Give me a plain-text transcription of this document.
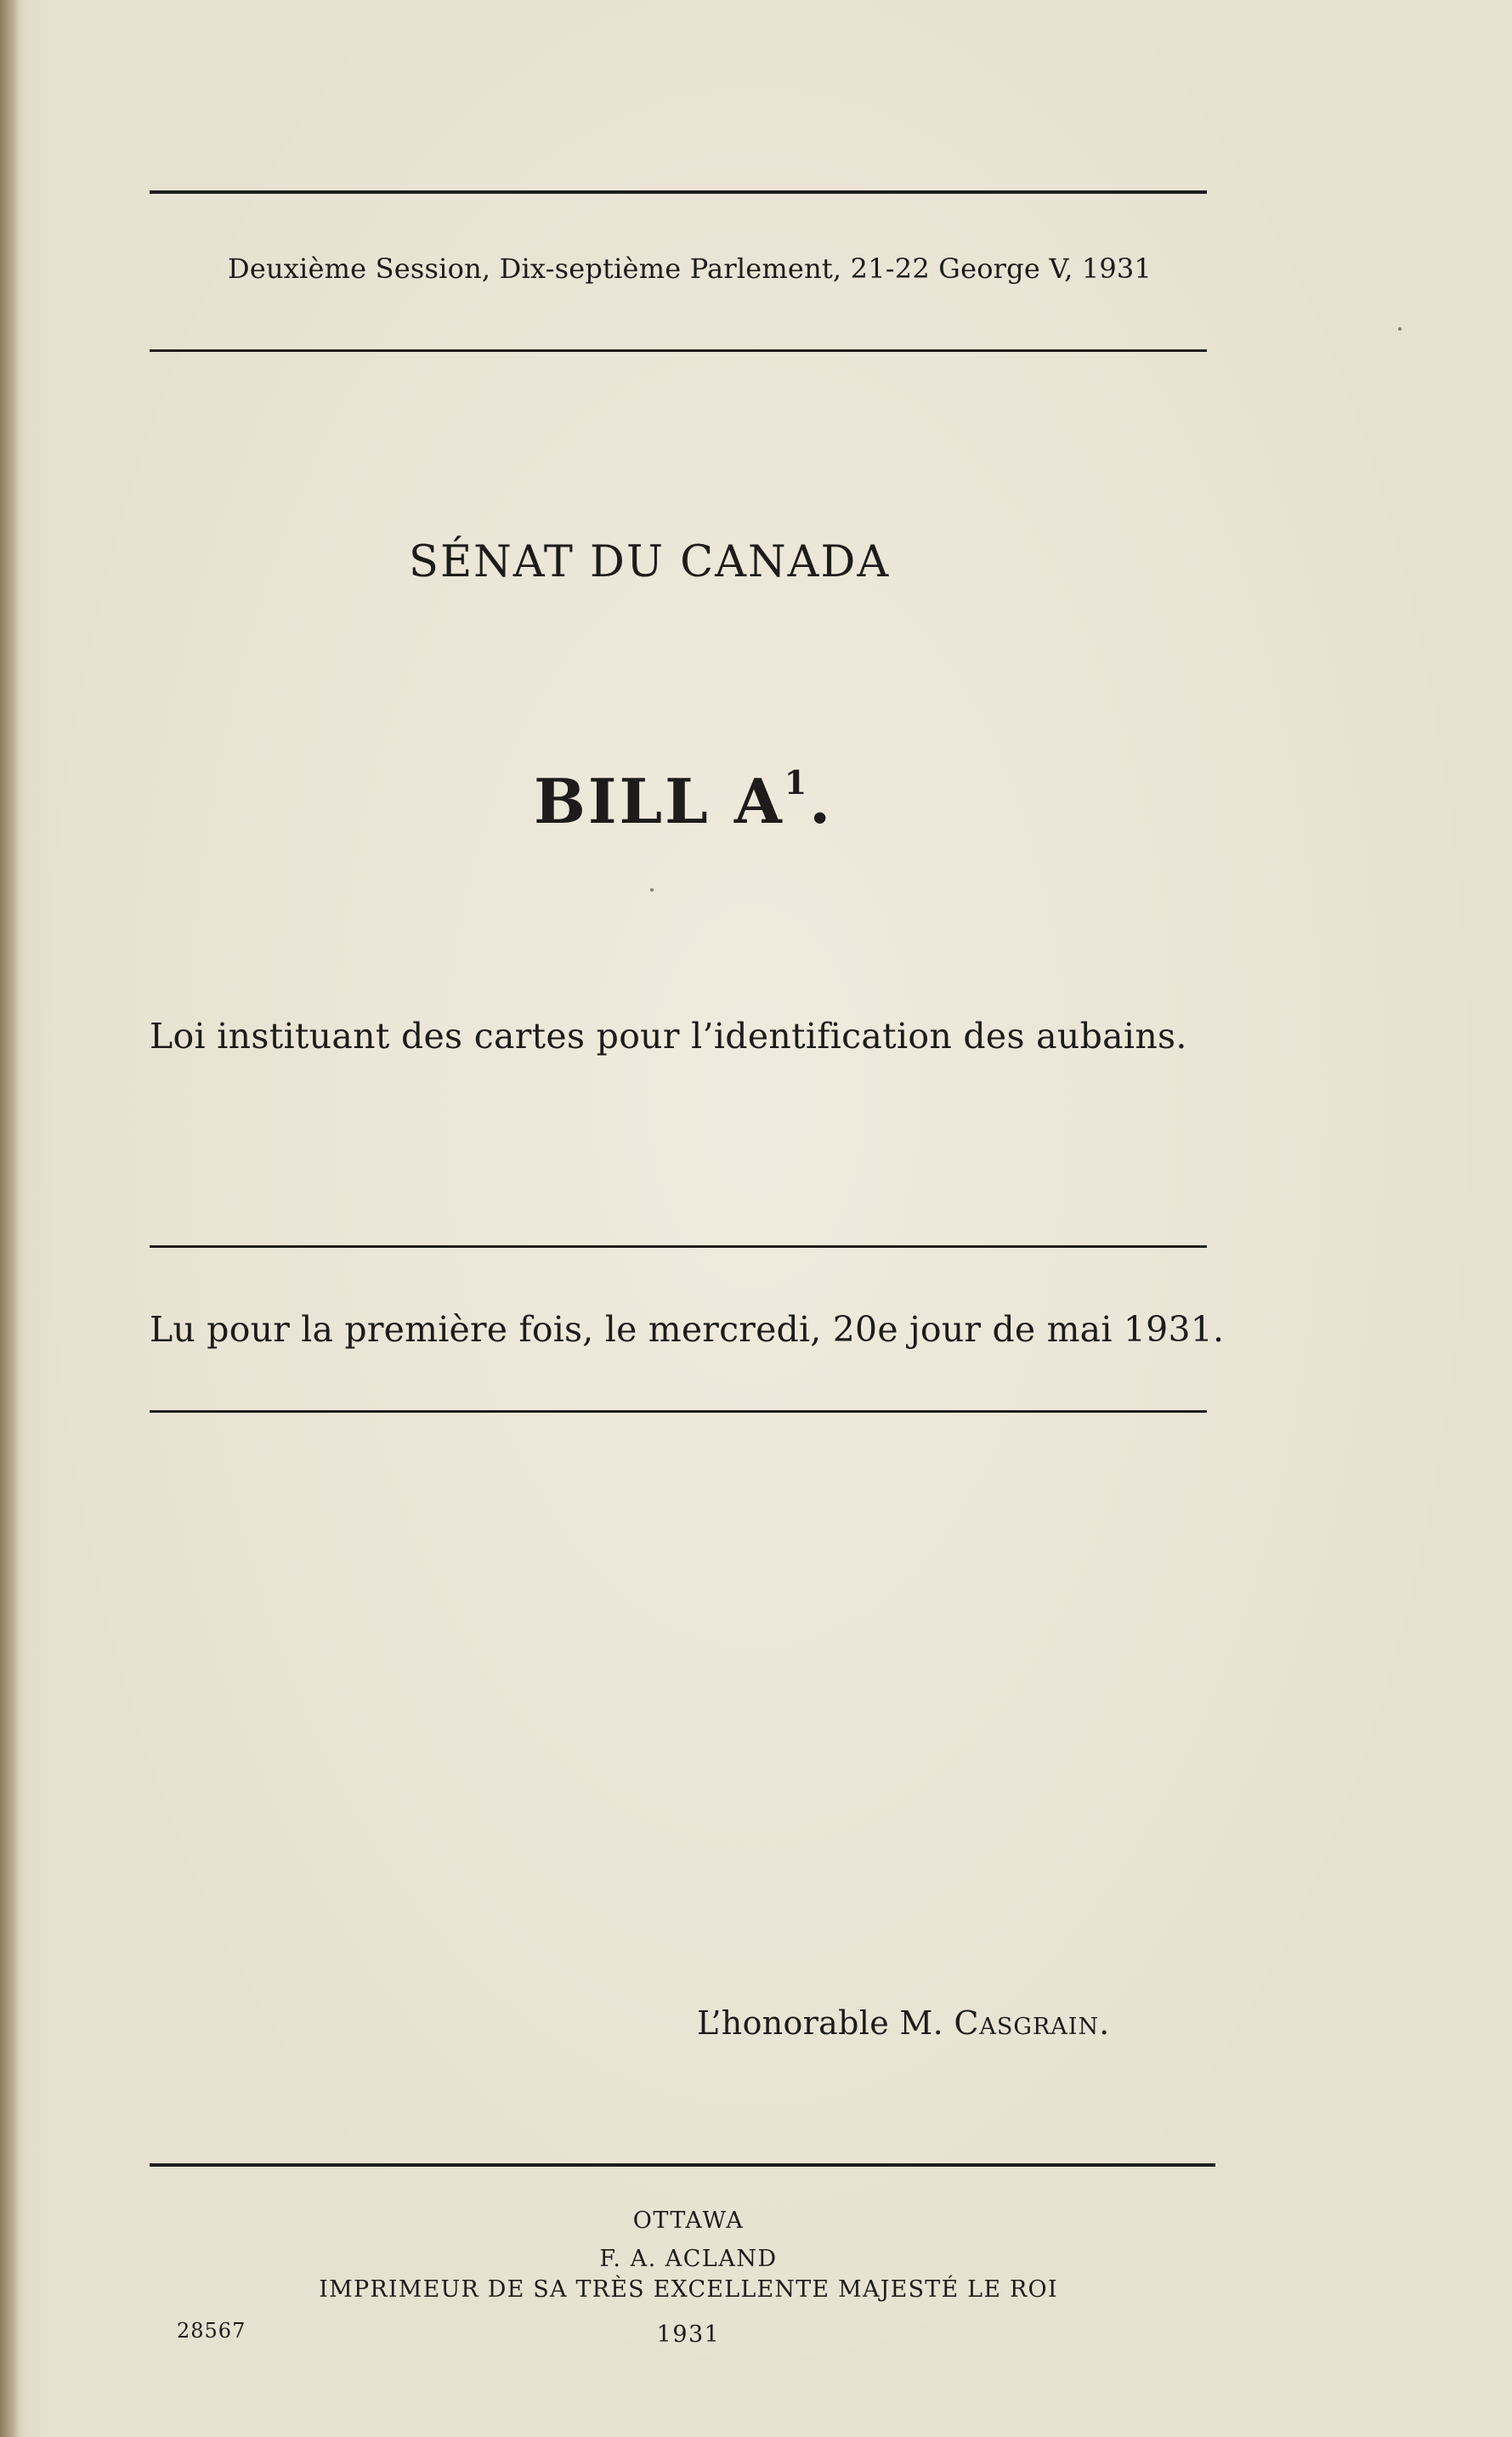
Deuxième Session, Dix-septième Parlement, 21-22 George V, 1931
SÉNAT DU CANADA
BILL $A^1$.
Loi instituant des cartes pour l’identification des aubains.
Lu pour la première fois, le mercredi, 20e jour de mai 1931.
L’honorable M. Casgrain.
OTTAWA
F. A. ACLAND
IMPRIMEUR DE SA TRÈS EXCELLENTE MAJESTÉ LE ROI
28567	1931
